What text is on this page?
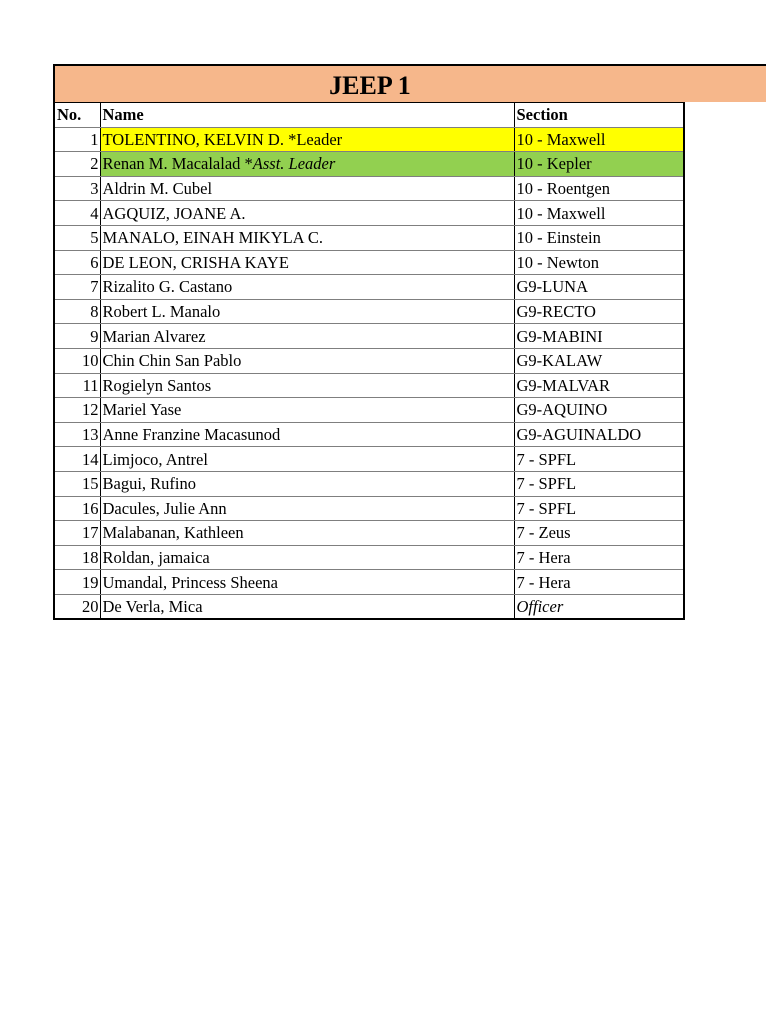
JEEP 1
No.	Name	Section
1	TOLENTINO, KELVIN D. *Leader	10 - Maxwell
2	Renan M. Macalalad *Asst. Leader	10 - Kepler
3	Aldrin M. Cubel	10 - Roentgen
4	AGQUIZ, JOANE A.	10 - Maxwell
5	MANALO, EINAH MIKYLA C.	10 - Einstein
6	DE LEON, CRISHA KAYE	10 - Newton
7	Rizalito G. Castano	G9-LUNA
8	Robert L. Manalo	G9-RECTO
9	Marian Alvarez	G9-MABINI
10	Chin Chin San Pablo	G9-KALAW
11	Rogielyn Santos	G9-MALVAR
12	Mariel Yase	G9-AQUINO
13	Anne Franzine Macasunod	G9-AGUINALDO
14	Limjoco, Antrel	7 - SPFL
15	Bagui, Rufino	7 - SPFL
16	Dacules, Julie Ann	7 - SPFL
17	Malabanan, Kathleen	7 - Zeus
18	Roldan, jamaica	7 - Hera
19	Umandal, Princess Sheena	7 - Hera
20	De Verla, Mica	Officer
